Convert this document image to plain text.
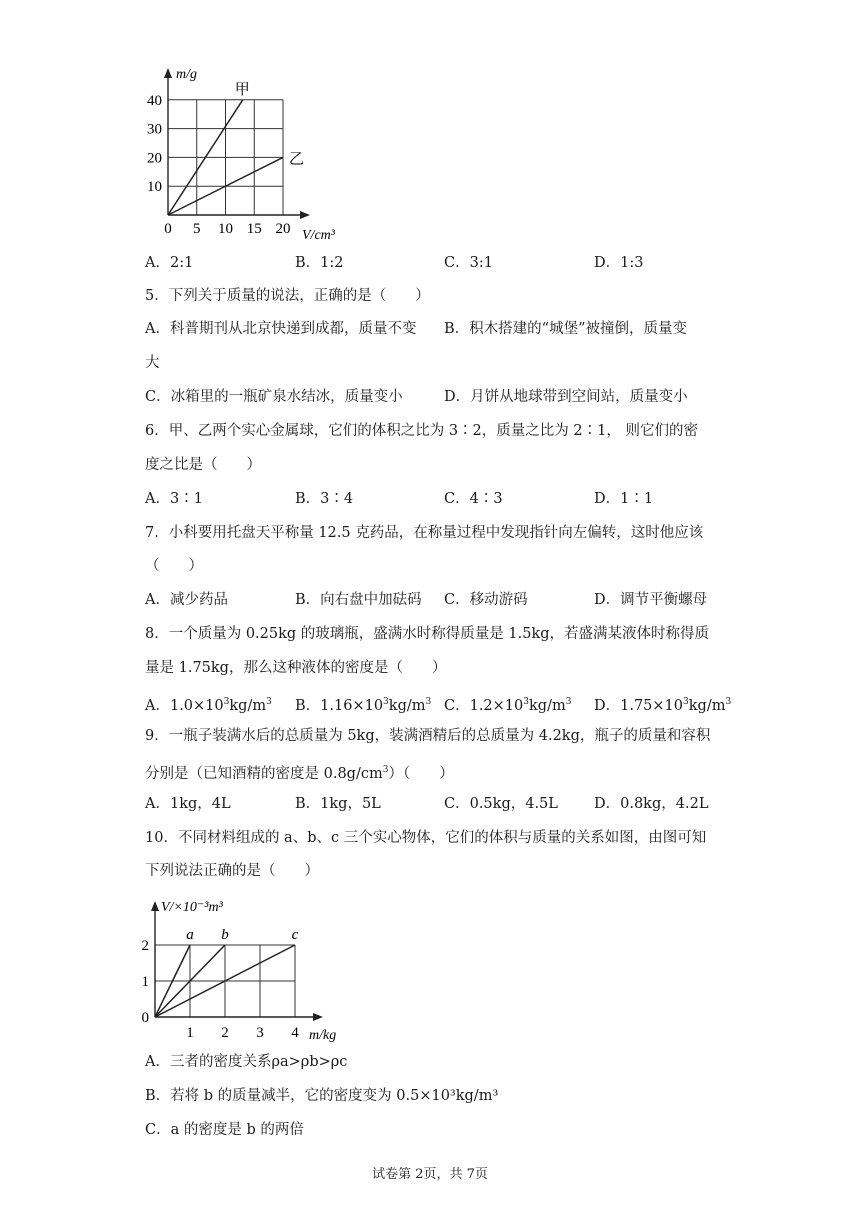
40
30
20
10
0 5 10 15 20
m/g
V/cm³
甲
乙
A．2:1	B．1:2	C．3:1	D．1:3
5．下列关于质量的说法，正确的是（　　）
A．科普期刊从北京快递到成都，质量不变 B．积木搭建的“城堡”被撞倒，质量变
大
C．冰箱里的一瓶矿泉水结冰，质量变小	D．月饼从地球带到空间站，质量变小
6．甲、乙两个实心金属球，它们的体积之比为 3∶2，质量之比为 2∶1， 则它们的密
度之比是（　　）
A．3∶1	B．3∶4	C．4∶3	D．1∶1
7．小科要用托盘天平称量 12.5 克药品，在称量过程中发现指针向左偏转，这时他应该
（　　）
A．减少药品	B．向右盘中加砝码 C．移动游码	D．调节平衡螺母
8．一个质量为 0.25kg 的玻璃瓶，盛满水时称得质量是 1.5kg，若盛满某液体时称得质
量是 1.75kg，那么这种液体的密度是（　　）
A．$1.0\times 10^3kg/m^3$ B．$1.16\times 10^3kg/m^3$ C．$1.2\times 10^3kg/m^3$ D．$1.75\times 10^3kg/m^3$
9．一瓶子装满水后的总质量为 5kg，装满酒精后的总质量为 4.2kg，瓶子的质量和容积
分别是（已知酒精的密度是 $0.8g/cm^3$）（　　）
A．1kg，4L	B．1kg，5L	C．0.5kg，4.5L D．0.8kg，4.2L
10．不同材料组成的 a、b、c 三个实心物体，它们的体积与质量的关系如图，由图可知
下列说法正确的是（　　）
2
1
0
1 2 3 4
V/×10⁻³m³
m/kg
a b	c
A．三者的密度关系ρa>ρb>ρc
B．若将 b 的质量减半，它的密度变为 0.5×10³kg/m³
C．a 的密度是 b 的两倍
试卷第 2页，共 7页
